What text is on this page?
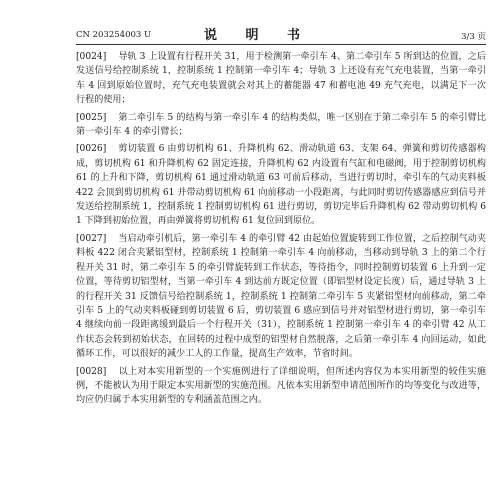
CN 203254003 U	说 明 书	3/3 页

[0024] 导轨 3 上设置有行程开关 31，用于检测第一牵引车 4、第二牵引车 5 所到达的位置，之后发送信号给控制系统 1，控制系统 1 控制第一牵引车 4；导轨 3 上还设有充气充电装置，当第一牵引车 4 回到原始位置时，充气充电装置就会对其上的蓄能器 47 和蓄电池 49 充气充电，以满足下一次行程的使用；

[0025] 第二牵引车 5 的结构与第一牵引车 4 的结构类似，唯一区别在于第二牵引车 5 的牵引臂比第一牵引车 4 的牵引臂长；

[0026] 剪切装置 6 由剪切机构 61、升降机构 62、滑动轨道 63、支架 64、弹簧和剪切传感器构成，剪切机构 61 和升降机构 62 固定连接，升降机构 62 内设置有气缸和电磁阀，用于控制剪切机构 61 的上升和下降，剪切机构 61 通过滑动轨道 63 可前后移动，当进行剪切时，牵引车的气动夹料板 422 会顶到剪切机构 61 并带动剪切机构 61 向前移动一小段距离，与此同时剪切传感器感应到信号并发送给控制系统 1，控制系统 1 控制剪切机构 61 进行剪切，剪切完毕后升降机构 62 带动剪切机构 61 下降到初始位置，再由弹簧将剪切机构 61 复位回到原位。

[0027] 当启动牵引机后，第一牵引车 4 的牵引臂 42 由起始位置旋转到工作位置，之后控制气动夹料板 422 闭合夹紧铝型材，控制系统 1 控制第一牵引车 4 向前移动，当移动到导轨 3 上的第二个行程开关 31 时，第二牵引车 5 的牵引臂旋转到工作状态，等待指令，同时控制剪切装置 6 上升到一定位置，等待剪切铝型材，当第一牵引车 4 到达前方既定位置（即铝型材设定长度）后，通过导轨 3 上的行程开关 31 反馈信号给控制系统 1，控制系统 1 控制第二牵引车 5 夹紧铝型材向前移动，第二牵引车 5 上的气动夹料板碰到剪切装置 6 后，剪切装置 6 感应到信号并对铝型材进行剪切，第一牵引车 4 继续向前一段距离缓到最后一个行程开关（31），控制系统 1 控制第一牵引车 4 的牵引臂 42 从工作状态会转到初始状态，在回转的过程中成型的铝型材自然脱落，之后第一牵引车 4 向回运动，如此循环工作，可以很好的减少工人的工作量，提高生产效率，节省时间。

[0028] 以上对本实用新型的一个实施例进行了详细说明，但所述内容仅为本实用新型的较佳实施例，不能被认为用于限定本实用新型的实施范围。凡依本实用新型申请范围所作的均等变化与改进等，均应仍归属于本实用新型的专利涵盖范围之内。
